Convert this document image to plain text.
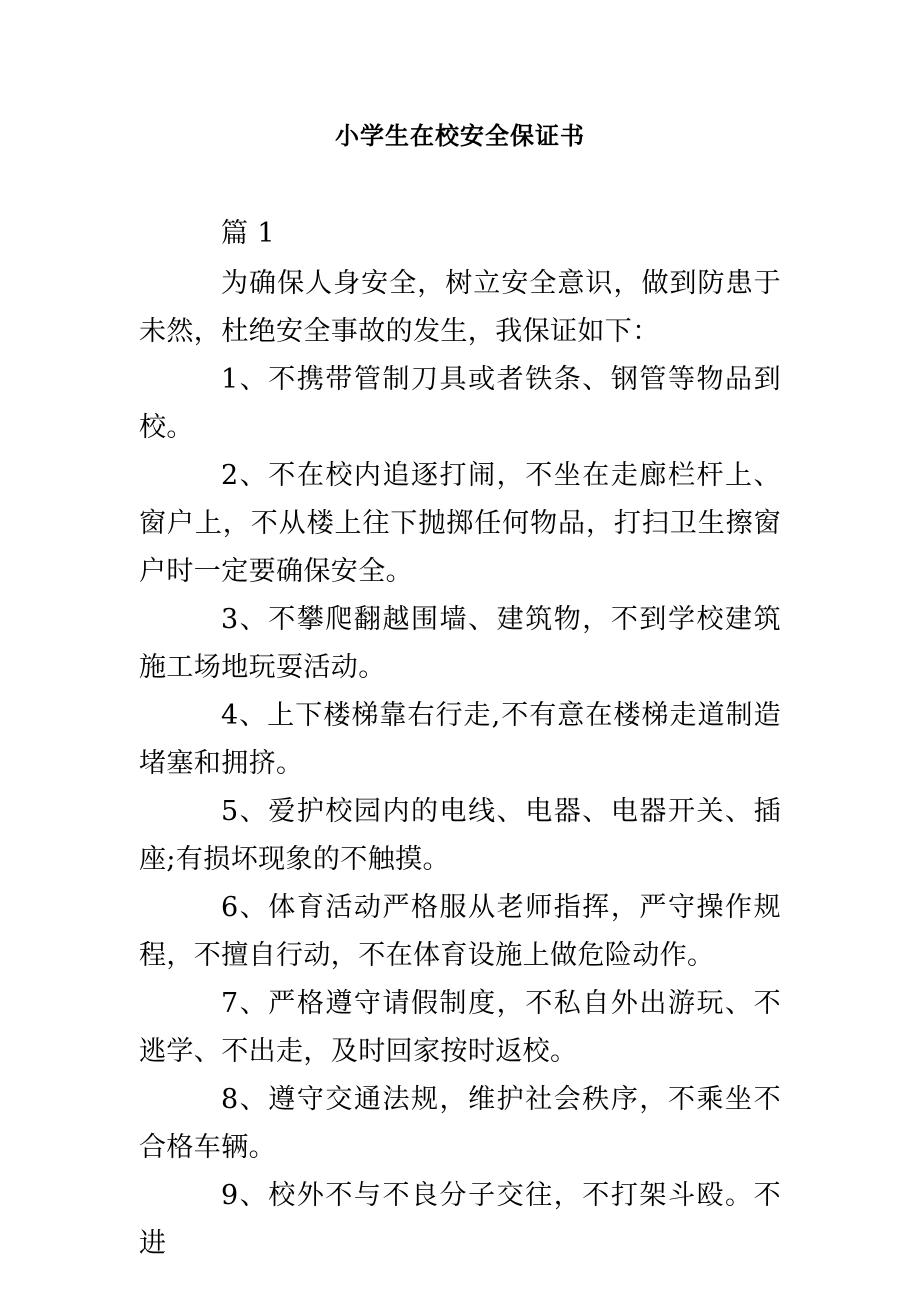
小学生在校安全保证书

篇 1

为确保人身安全，树立安全意识，做到防患于未然，杜绝安全事故的发生，我保证如下：

1、不携带管制刀具或者铁条、钢管等物品到校。

2、不在校内追逐打闹，不坐在走廊栏杆上、窗户上，不从楼上往下抛掷任何物品，打扫卫生擦窗户时一定要确保安全。

3、不攀爬翻越围墙、建筑物，不到学校建筑施工场地玩耍活动。

4、上下楼梯靠右行走,不有意在楼梯走道制造堵塞和拥挤。

5、爱护校园内的电线、电器、电器开关、插座;有损坏现象的不触摸。

6、体育活动严格服从老师指挥，严守操作规程，不擅自行动，不在体育设施上做危险动作。

7、严格遵守请假制度，不私自外出游玩、不逃学、不出走，及时回家按时返校。

8、遵守交通法规，维护社会秩序，不乘坐不合格车辆。

9、校外不与不良分子交往，不打架斗殴。不进
